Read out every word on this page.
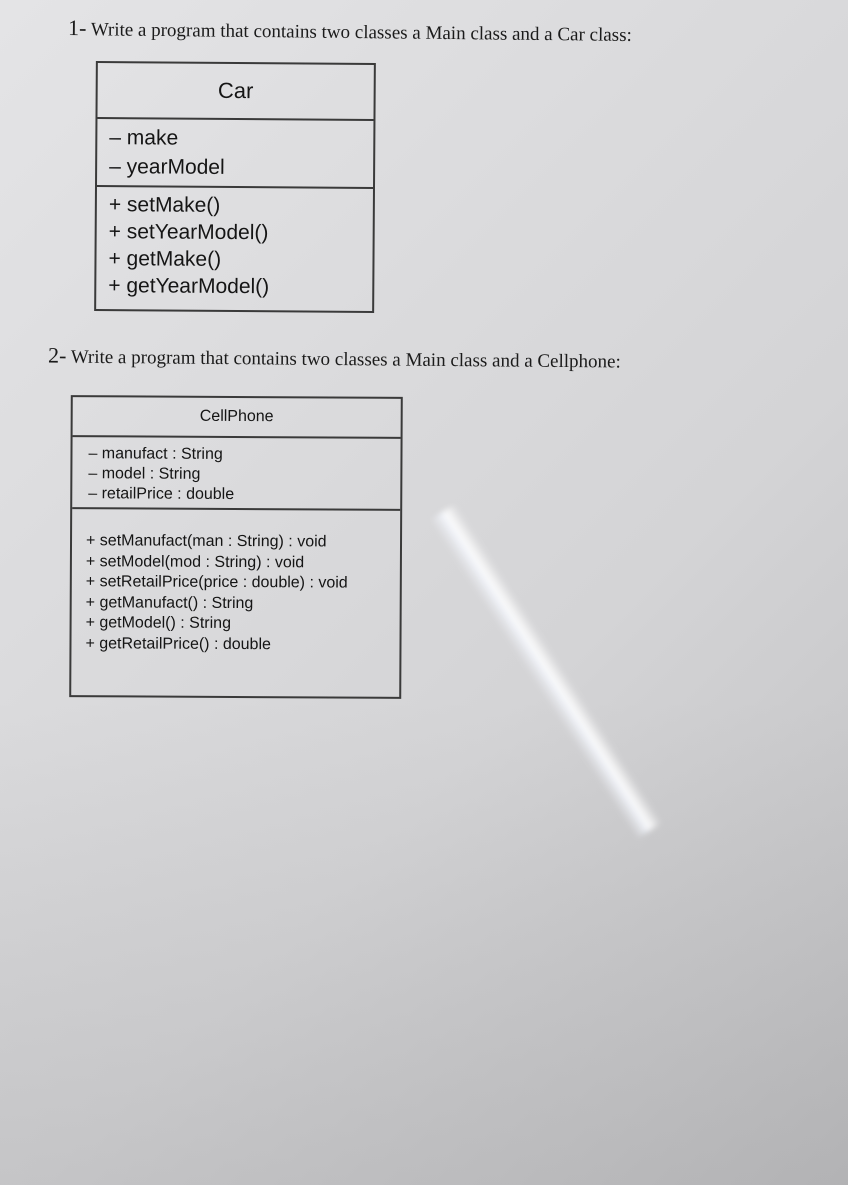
1- Write a program that contains two classes a Main class and a Car class:

Car
– make
– yearModel
+ setMake()
+ setYearModel()
+ getMake()
+ getYearModel()

2- Write a program that contains two classes a Main class and a Cellphone:

CellPhone
– manufact : String
– model : String
– retailPrice : double
+ setManufact(man : String) : void
+ setModel(mod : String) : void
+ setRetailPrice(price : double) : void
+ getManufact() : String
+ getModel() : String
+ getRetailPrice() : double
